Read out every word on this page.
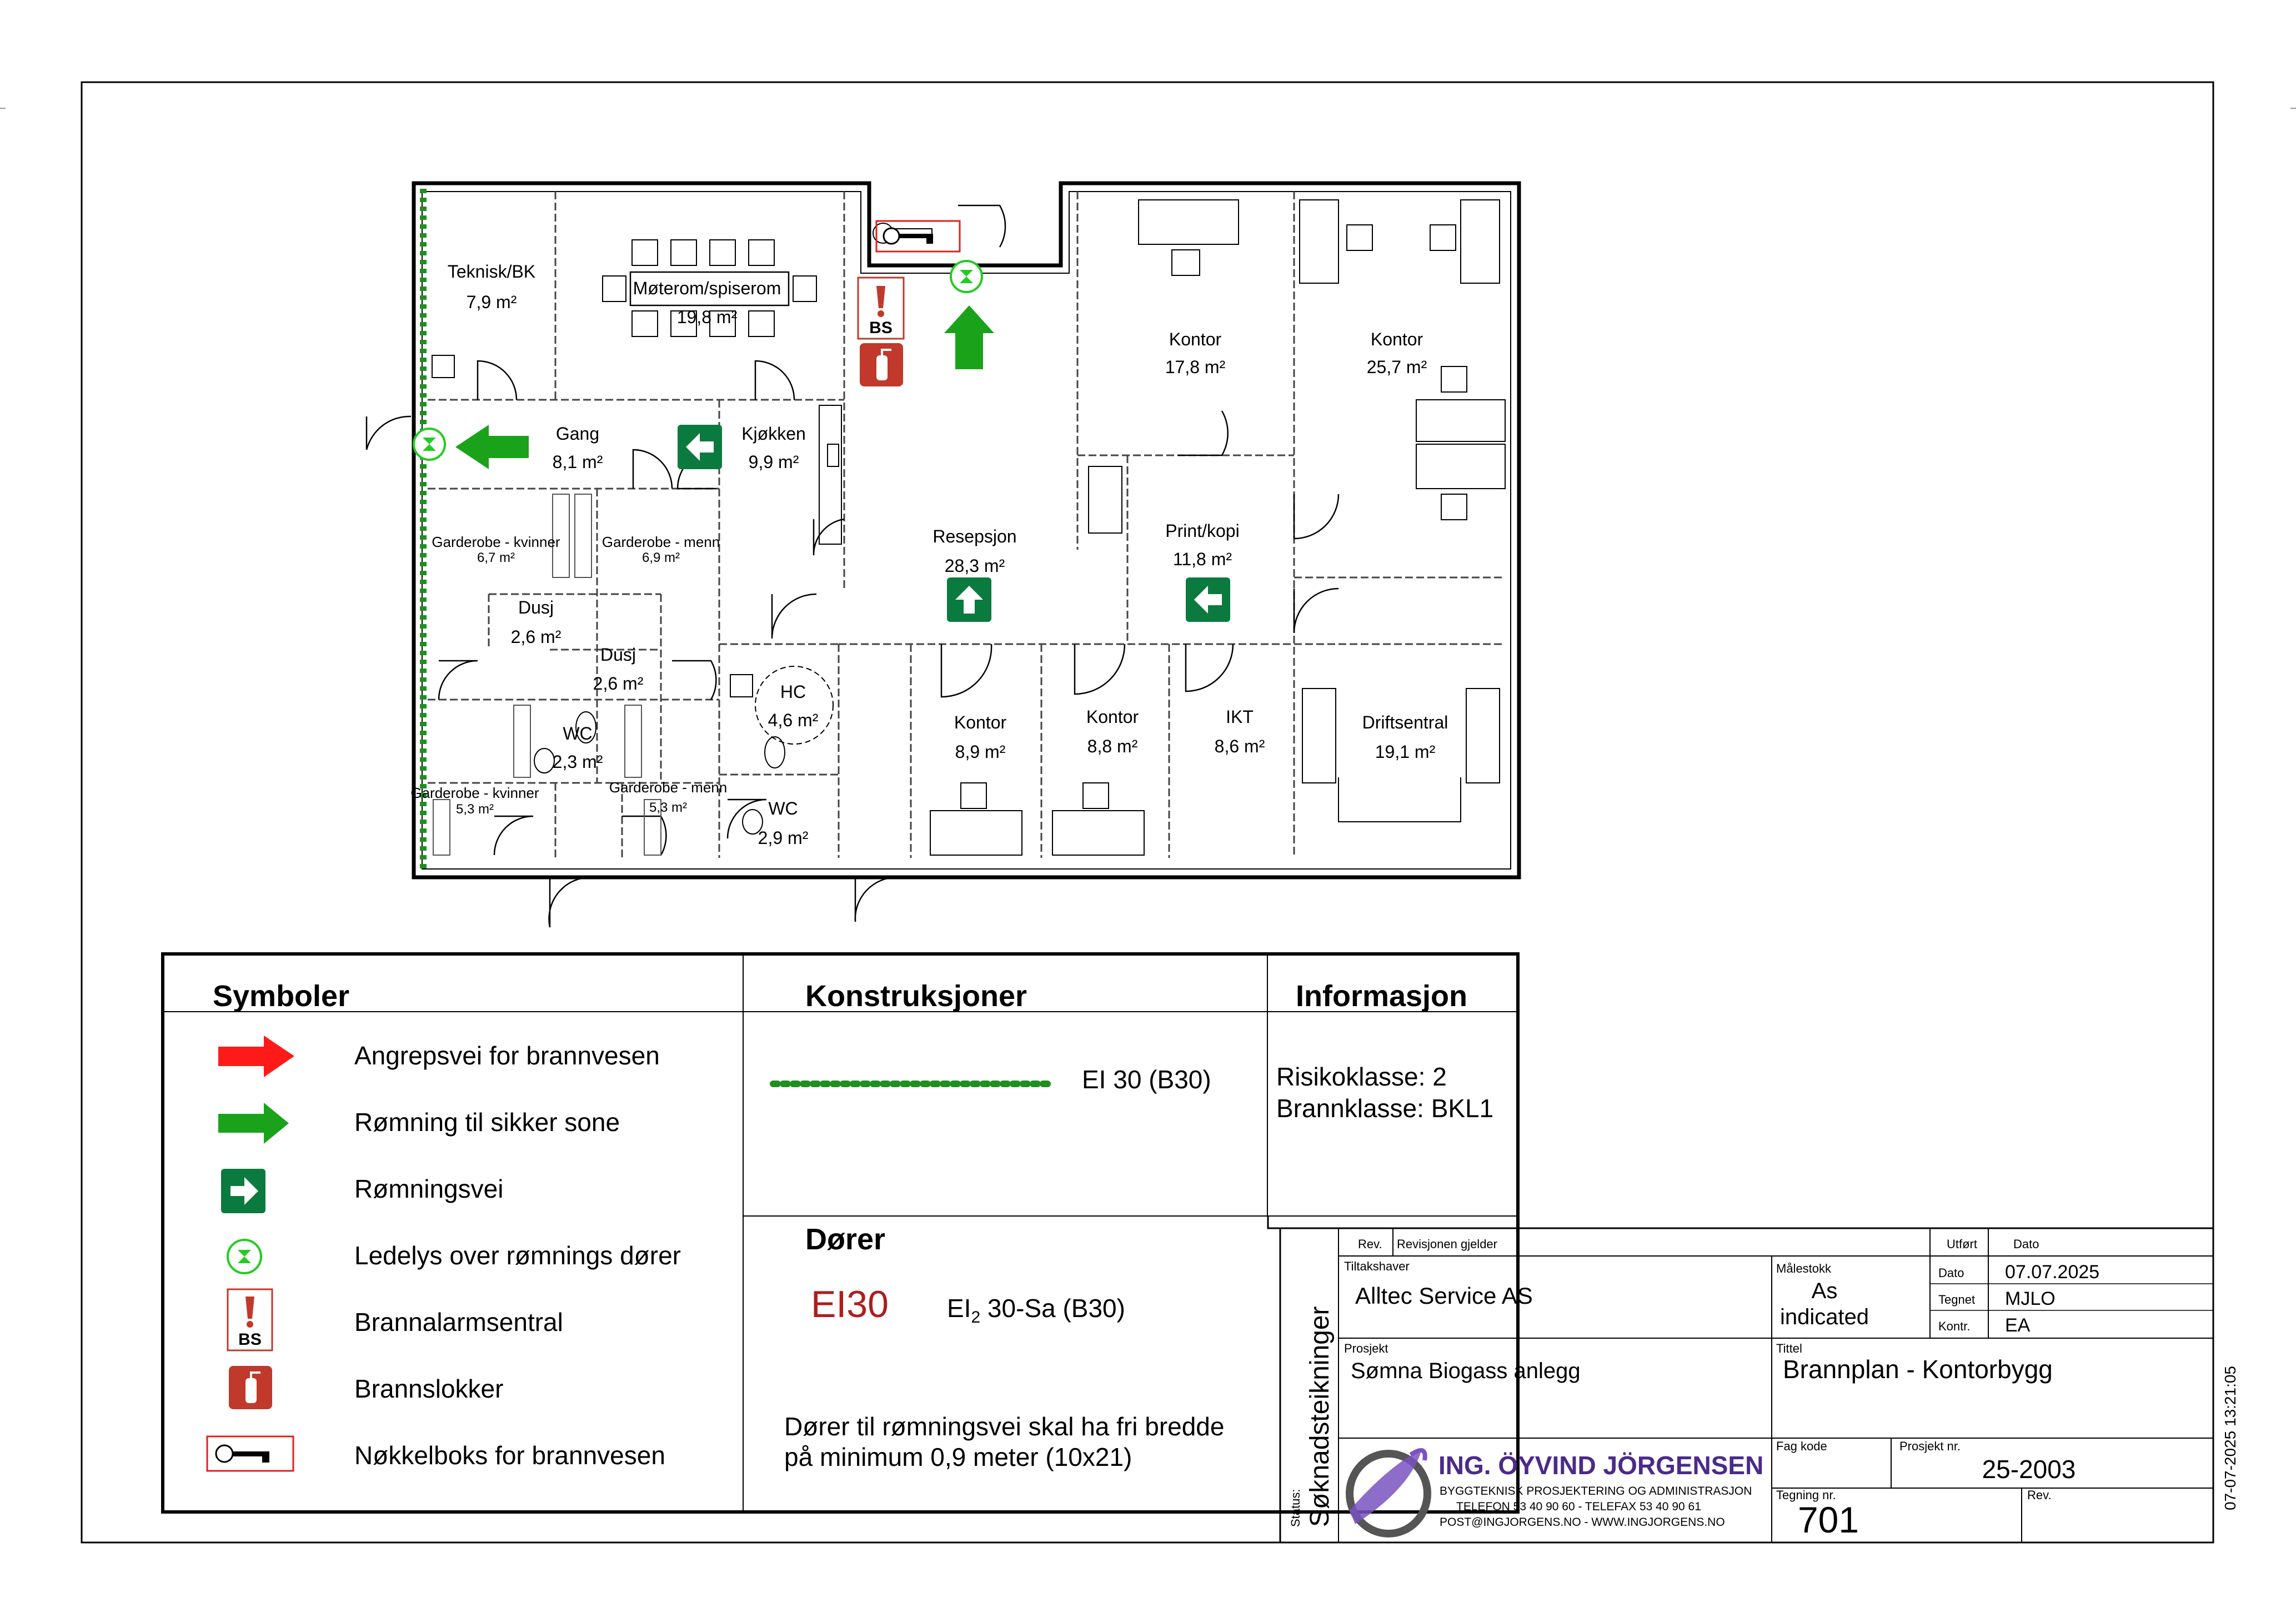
Teknisk/BK
7,9 m²
Møterom/spiserom
19,8 m²
Gang
8,1 m²
Kjøkken
9,9 m²
Garderobe - kvinner
6,7 m²
Garderobe - menn
6,9 m²
Dusj
2,6 m²
Dusj
2,6 m²
WC
2,3 m²
HC
4,6 m²
Garderobe - kvinner
5,3 m²
Garderobe - menn
5,3 m²	WC
2,9 m²
Resepsjon
28,3 m²
Kontor
17,8 m²
Kontor
25,7 m²
Print/kopi
11,8 m²
Kontor
8,9 m²
Kontor
8,8 m²
IKT
8,6 m²
Driftsentral
19,1 m²
BS
Symboler	Konstruksjoner	Informasjon
Dører
BS
Angrepsvei for brannvesen
Rømning til sikker sone
Rømningsvei
Ledelys over rømnings dører
Brannalarmsentral
Brannslokker
Nøkkelboks for brannvesen
EI 30 (B30)	Risikoklasse: 2
Brannklasse: BKL1
EI30 $EI_2$ 30-Sa (B30)
Dører til rømningsvei skal ha fri bredde
på minimum 0,9 meter (10x21)
Status: Søknadsteikninger
Rev. Revisjonen gjelder	Utført	Dato
Tiltakshaver
Alltec Service AS
Målestokk
As
indicated
Dato 07.07.2025
Tegnet MJLO
Kontr. EA
Prosjekt
Sømna Biogass anlegg
Tittel
Brannplan - Kontorbygg
ING. ÖYVIND JÖRGENSEN
BYGGTEKNISK PROSJEKTERING OG ADMINISTRASJON
TELEFON 53 40 90 60 - TELEFAX 53 40 90 61
POST@INGJORGENS.NO - WWW.INGJORGENS.NO
Fag kode	Prosjekt nr.
25-2003
Tegning nr.
701
Rev.	07-07-2025 13:21:05
